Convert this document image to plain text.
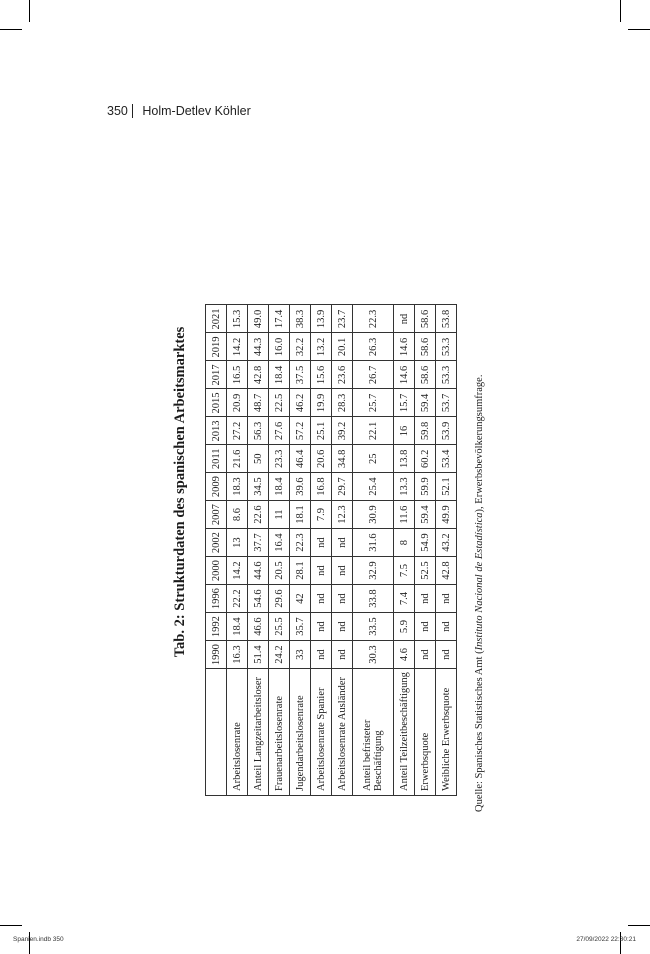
350 Holm-Detlev Köhler
Tab. 2: Strukturdaten des spanischen Arbeitsmarktes
		1990	1992	1996	2000	2002	2007	2009	2011	2013	2015	2017	2019	2021
Arbeitslosenrate	16.3	18.4	22.2	14.2	13	8.6	18.3	21.6	27.2	20.9	16.5	14.2	15.3
Anteil Langzeitarbeitsloser	51.4	46.6	54.6	44.6	37.7	22.6	34.5	50	56.3	48.7	42.8	44.3	49.0
Frauenarbeitslosenrate	24.2	25.5	29.6	20.5	16.4	11	18.4	23.3	27.6	22.5	18.4	16.0	17.4
Jugendarbeitslosenrate	33	35.7	42	28.1	22.3	18.1	39.6	46.4	57.2	46.2	37.5	32.2	38.3
Arbeitslosenrate Spanier	nd	nd	nd	nd	nd	7.9	16.8	20.6	25.1	19.9	15.6	13.2	13.9
Arbeitslosenrate Ausländer	nd	nd	nd	nd	nd	12.3	29.7	34.8	39.2	28.3	23.6	20.1	23.7

Anteil befristeter Beschäftigung	30.3	33.5	33.8	32.9	31.6	30.9	25.4	25	22.1	25.7	26.7	26.3	22.3
Anteil Teilzeitbeschäftigung	4.6	5.9	7.4	7.5	8	11.6	13.3	13.8	16	15.7	14.6	14.6	nd
Erwerbsquote	nd	nd	nd	52.5	54.9	59.4	59.9	60.2	59.8	59.4	58.6	58.6	58.6
Weibliche Erwerbsquote	nd	nd	nd	42.8	43.2	49.9	52.1	53.4	53.9	53.7	53.3	53.3	53.8
Quelle: Spanisches Statistisches Amt (Instituto Nacional de Estadística), Erwerbsbevölkerungsumfrage.
Spanien.indb 350	27/09/2022 22:30:21
